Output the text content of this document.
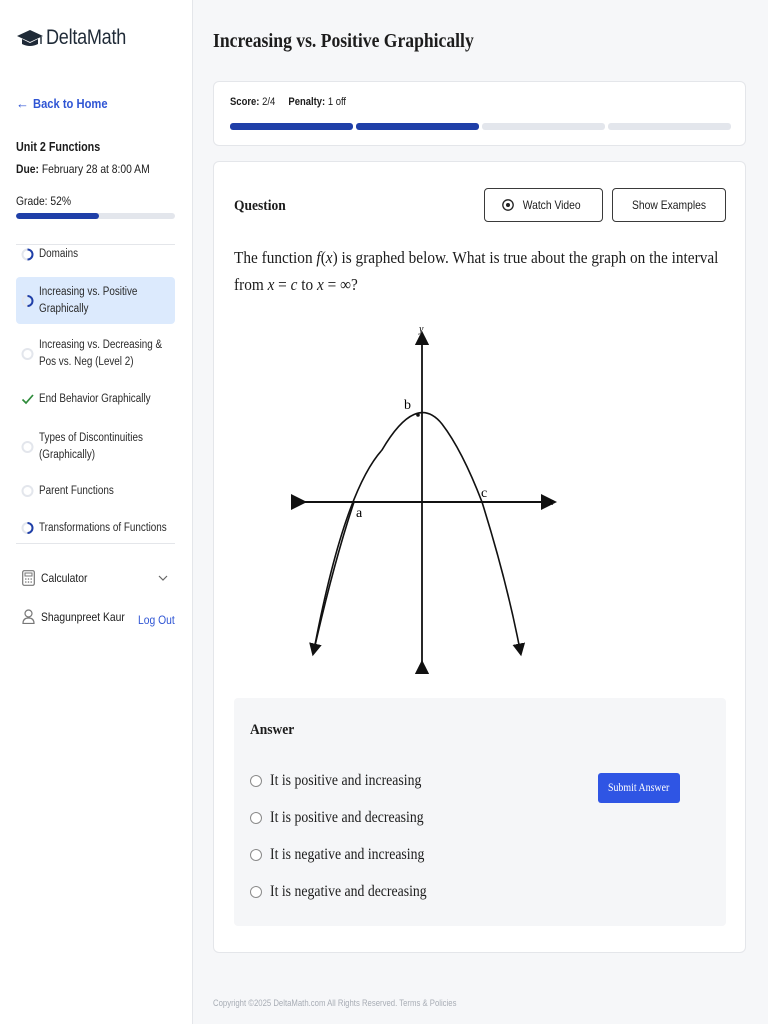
DeltaMath
← Back to Home
Unit 2 Functions
Due: February 28 at 8:00 AM
Grade: 52%
Domains
Increasing vs. Positive Graphically
Increasing vs. Decreasing & Pos vs. Neg (Level 2)
End Behavior Graphically
Types of Discontinuities (Graphically)
Parent Functions
Transformations of Functions
Calculator
Shagunpreet Kaur Log Out
Increasing vs. Positive Graphically
Score: 2/4 Penalty: 1 off
Question	Watch Video	Show Examples
The function f(x) is graphed below. What is true about the graph on the interval from x = c to x = ∞?
y
x
b
a
c
Answer
It is positive and increasing
It is positive and decreasing
It is negative and increasing
It is negative and decreasing
Submit Answer
Copyright ©2025 DeltaMath.com All Rights Reserved. Terms & Policies
